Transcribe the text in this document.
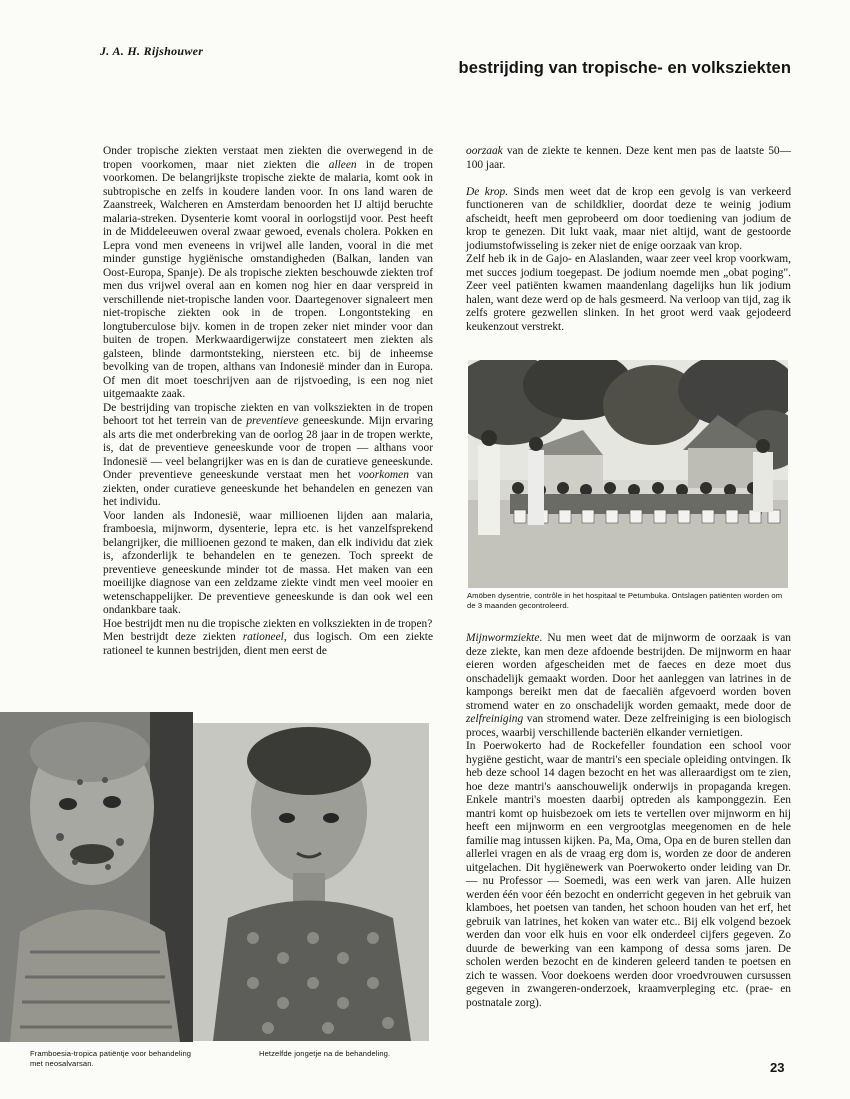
J. A. H. Rijshouwer
bestrijding van tropische- en volksziekten

Onder tropische ziekten verstaat men ziekten die overwegend in de tropen voorkomen, maar niet ziekten die alleen in de tropen voorkomen. De belangrijkste tropische ziekte de malaria, komt ook in subtropische en zelfs in koudere landen voor. In ons land waren de Zaanstreek, Walcheren en Amsterdam benoorden het IJ altijd beruchte malaria-streken. Dysenterie komt vooral in oorlogstijd voor. Pest heeft in de Middeleeuwen overal zwaar gewoed, evenals cholera. Pokken en Lepra vond men eveneens in vrijwel alle landen, vooral in die met minder gunstige hygiënische omstandigheden (Balkan, landen van Oost-Europa, Spanje). De als tropische ziekten beschouwde ziekten trof men dus vrijwel overal aan en komen nog hier en daar verspreid in verschillende niet-tropische landen voor. Daartegenover signaleert men niet-tropische ziekten ook in de tropen. Longontsteking en longtuberculose bijv. komen in de tropen zeker niet minder voor dan buiten de tropen. Merkwaardigerwijze constateert men ziekten als galsteen, blinde darmontsteking, niersteen etc. bij de inheemse bevolking van de tropen, althans van Indonesië minder dan in Europa. Of men dit moet toeschrijven aan de rijstvoeding, is een nog niet uitgemaakte zaak.

De bestrijding van tropische ziekten en van volksziekten in de tropen behoort tot het terrein van de preventieve geneeskunde. Mijn ervaring als arts die met onderbreking van de oorlog 28 jaar in de tropen werkte, is, dat de preventieve geneeskunde voor de tropen — althans voor Indonesië — veel belangrijker was en is dan de curatieve geneeskunde. Onder preventieve geneeskunde verstaat men het voorkomen van ziekten, onder curatieve geneeskunde het behandelen en genezen van het individu.

Voor landen als Indonesië, waar millioenen lijden aan malaria, framboesia, mijnworm, dysenterie, lepra etc. is het vanzelfsprekend belangrijker, die millioenen gezond te maken, dan elk individu dat ziek is, afzonderlijk te behandelen en te genezen. Toch spreekt de preventieve geneeskunde minder tot de massa. Het maken van een moeilijke diagnose van een zeldzame ziekte vindt men veel mooier en wetenschappelijker. De preventieve geneeskunde is dan ook wel een ondankbare taak.

Hoe bestrijdt men nu die tropische ziekten en volksziekten in de tropen?

Men bestrijdt deze ziekten rationeel, dus logisch. Om een ziekte rationeel te kunnen bestrijden, dient men eerst de

oorzaak van de ziekte te kennen. Deze kent men pas de laatste 50—100 jaar.

De krop. Sinds men weet dat de krop een gevolg is van verkeerd functioneren van de schildklier, doordat deze te weinig jodium afscheidt, heeft men geprobeerd om door toediening van jodium de krop te genezen. Dit lukt vaak, maar niet altijd, want de gestoorde jodiumstofwisseling is zeker niet de enige oorzaak van krop.

Zelf heb ik in de Gajo- en Alaslanden, waar zeer veel krop voorkwam, met succes jodium toegepast. De jodium noemde men „obat poging". Zeer veel patiënten kwamen maandenlang dagelijks hun lik jodium halen, want deze werd op de hals gesmeerd. Na verloop van tijd, zag ik zelfs grotere gezwellen slinken. In het groot werd vaak gejodeerd keukenzout verstrekt.

Amöben dysentrie, contrôle in het hospitaal te Petumbuka. Ontslagen patiënten worden om de 3 maanden gecontroleerd.

Mijnwormziekte. Nu men weet dat de mijnworm de oorzaak is van deze ziekte, kan men deze afdoende bestrijden. De mijnworm en haar eieren worden afgescheiden met de faeces en deze moet dus onschadelijk gemaakt worden. Door het aanleggen van latrines in de kampongs bereikt men dat de faecaliën afgevoerd worden boven stromend water en zo onschadelijk worden gemaakt, mede door de zelfreiniging van stromend water. Deze zelfreiniging is een biologisch proces, waarbij verschillende bacteriën elkander vernietigen.

In Poerwokerto had de Rockefeller foundation een school voor hygiëne gesticht, waar de mantri's een speciale opleiding ontvingen. Ik heb deze school 14 dagen bezocht en het was alleraardigst om te zien, hoe deze mantri's aanschouwelijk onderwijs in propaganda kregen. Enkele mantri's moesten daarbij optreden als kamponggezin. Een mantri komt op huisbezoek om iets te vertellen over mijnworm en hij heeft een mijnworm en een vergrootglas meegenomen en de hele familie mag intussen kijken. Pa, Ma, Oma, Opa en de buren stellen dan allerlei vragen en als de vraag erg dom is, worden ze door de anderen uitgelachen. Dit hygiënewerk van Poerwokerto onder leiding van Dr. — nu Professor — Soemedi, was een werk van jaren. Alle huizen werden één voor één bezocht en onderricht gegeven in het gebruik van klamboes, het poetsen van tanden, het schoon houden van het erf, het gebruik van latrines, het koken van water etc.. Bij elk volgend bezoek werden dan voor elk huis en voor elk onderdeel cijfers gegeven. Zo duurde de bewerking van een kampong of dessa soms jaren. De scholen werden bezocht en de kinderen geleerd tanden te poetsen en zich te wassen. Voor doekoens werden door vroedvrouwen cursussen gegeven in zwangeren-onderzoek, kraamverpleging etc. (prae- en postnatale zorg).

Framboesia-tropica patiëntje voor behandeling met neosalvarsan.
Hetzelfde jongetje na de behandeling.
23
